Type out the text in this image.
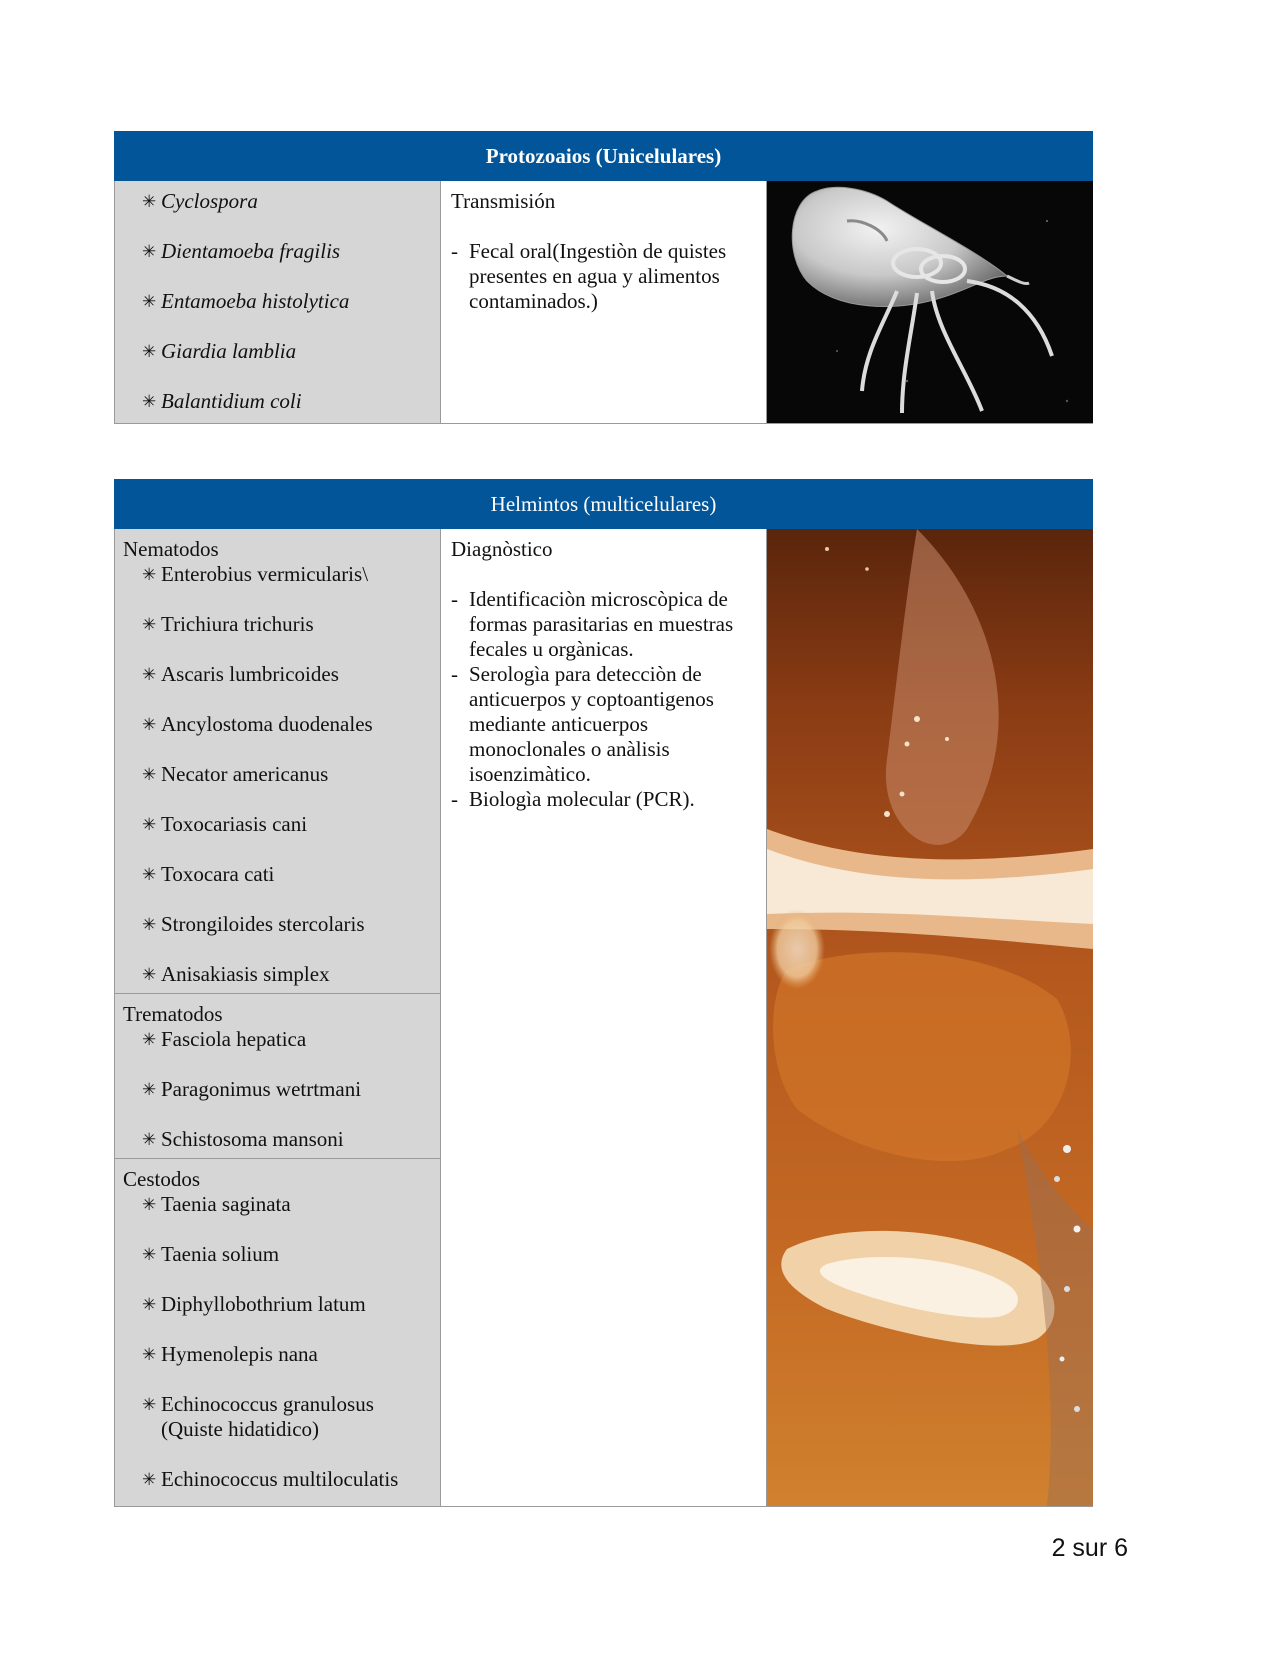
Protozoaios (Unicelulares)

✳ Cyclospora
✳ Dientamoeba fragilis
✳ Entamoeba histolytica
✳ Giardia lamblia
✳ Balantidium coli

Transmisión
- Fecal oral(Ingestiòn de quistes presentes en agua y alimentos contaminados.)

Helmintos (multicelulares)

Nematodos
✳ Enterobius vermicularis\
✳ Trichiura trichuris
✳ Ascaris lumbricoides
✳ Ancylostoma duodenales
✳ Necator americanus
✳ Toxocariasis cani
✳ Toxocara cati
✳ Strongiloides stercolaris
✳ Anisakiasis simplex
Trematodos
✳ Fasciola hepatica
✳ Paragonimus wetrtmani
✳ Schistosoma mansoni
Cestodos
✳ Taenia saginata
✳ Taenia solium
✳ Diphyllobothrium latum
✳ Hymenolepis nana
✳ Echinococcus granulosus (Quiste hidatidico)
✳ Echinococcus multiloculatis

Diagnòstico
- Identificaciòn microscòpica de formas parasitarias en muestras fecales u orgànicas.
- Serologìa para detecciòn de anticuerpos y coptoantigenos mediante anticuerpos monoclonales o anàlisis isoenzimàtico.
- Biologìa molecular (PCR).

2 sur 6
